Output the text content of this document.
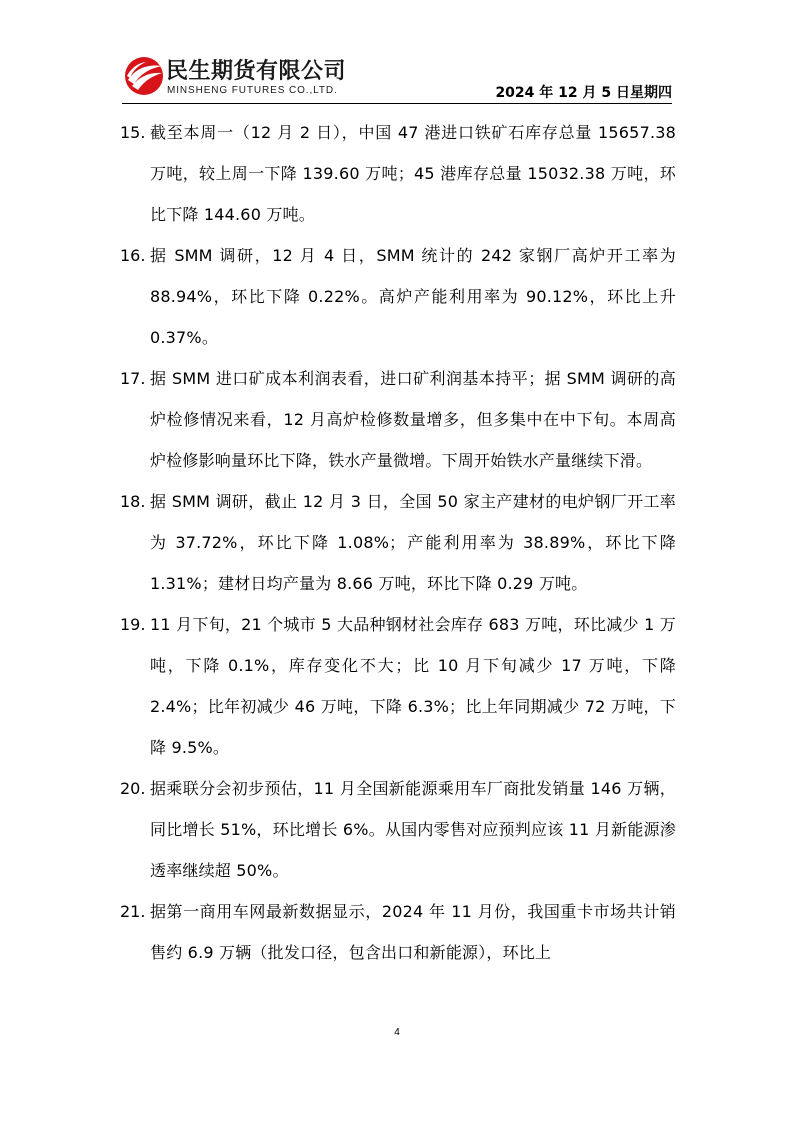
民生期货有限公司
MINSHENG FUTURES CO.,LTD.	2024 年 12 月 5 日星期四
15. 截至本周一（12 月 2 日），中国 47 港进口铁矿石库存总量 15657.38 万吨，较上周一下降 139.60 万吨；45 港库存总量 15032.38 万吨，环比下降 144.60 万吨。
16. 据 SMM 调研，12 月 4 日，SMM 统计的 242 家钢厂高炉开工率为 88.94%，环比下降 0.22%。高炉产能利用率为 90.12%，环比上升 0.37%。
17. 据 SMM 进口矿成本利润表看，进口矿利润基本持平；据 SMM 调研的高炉检修情况来看，12 月高炉检修数量增多，但多集中在中下旬。本周高炉检修影响量环比下降，铁水产量微增。下周开始铁水产量继续下滑。
18. 据 SMM 调研，截止 12 月 3 日，全国 50 家主产建材的电炉钢厂开工率为 37.72%，环比下降 1.08%；产能利用率为 38.89%，环比下降 1.31%；建材日均产量为 8.66 万吨，环比下降 0.29 万吨。
19. 11 月下旬，21 个城市 5 大品种钢材社会库存 683 万吨，环比减少 1 万吨，下降 0.1%，库存变化不大；比 10 月下旬减少 17 万吨，下降 2.4%；比年初减少 46 万吨，下降 6.3%；比上年同期减少 72 万吨，下降 9.5%。
20. 据乘联分会初步预估，11 月全国新能源乘用车厂商批发销量 146 万辆，同比增长 51%，环比增长 6%。从国内零售对应预判应该 11 月新能源渗透率继续超 50%。
21. 据第一商用车网最新数据显示，2024 年 11 月份，我国重卡市场共计销售约 6.9 万辆（批发口径，包含出口和新能源），环比上
4
